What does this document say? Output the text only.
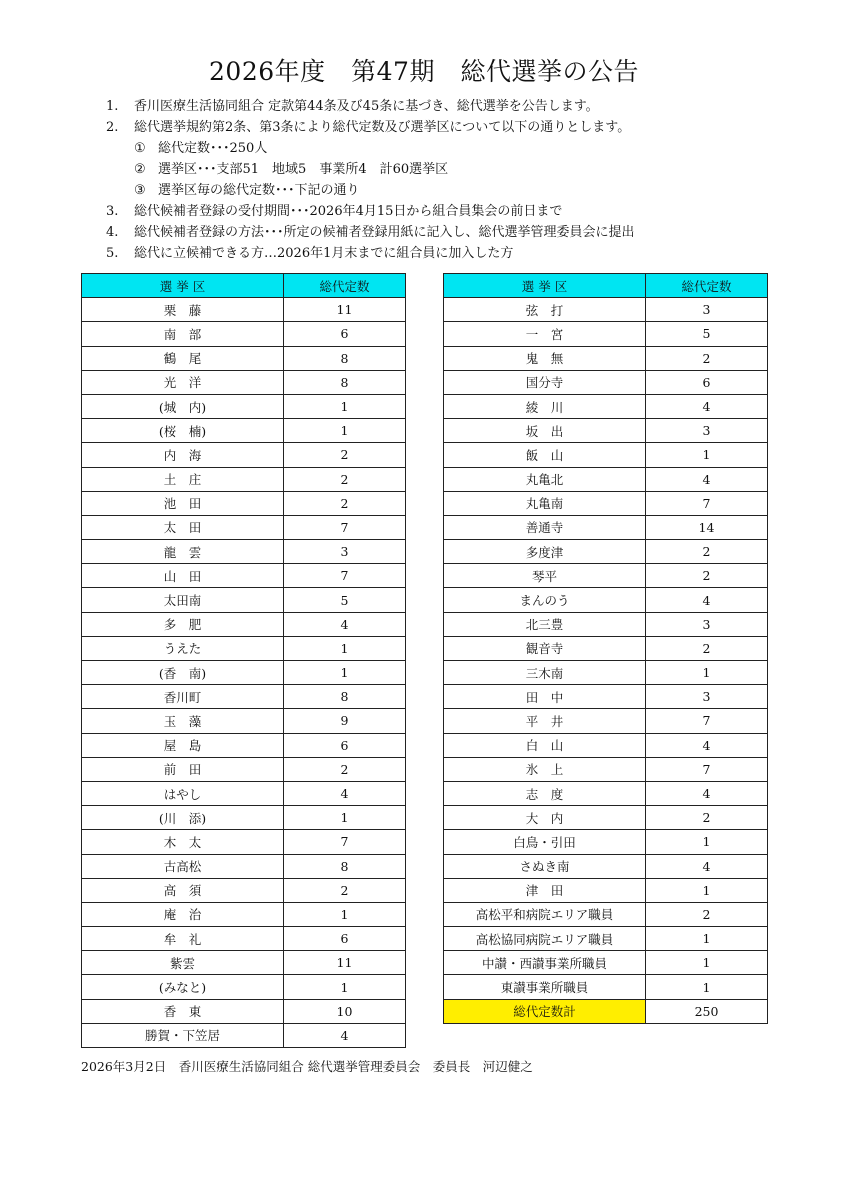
2026年度　第47期　総代選挙の公告
1. 香川医療生活協同組合 定款第44条及び45条に基づき、総代選挙を公告します。
2. 総代選挙規約第2条、第3条により総代定数及び選挙区について以下の通りとします。
① 総代定数･･･250人
② 選挙区･･･支部51　地域5　事業所4　計60選挙区
③ 選挙区毎の総代定数･･･下記の通り
3. 総代候補者登録の受付期間･･･2026年4月15日から組合員集会の前日まで
4. 総代候補者登録の方法･･･所定の候補者登録用紙に記入し、総代選挙管理委員会に提出
5. 総代に立候補できる方…2026年1月末までに組合員に加入した方
選 挙 区	総代定数
栗　藤	11
南　部	6
鶴　尾	8
光　洋	8
(城　内)	1
(桜　楠)	1
内　海	2
土　庄	2
池　田	2
太　田	7
龍　雲	3
山　田	7
太田南	5
多　肥	4
うえた	1
(香　南)	1
香川町	8
玉　藻	9
屋　島	6
前　田	2
はやし	4
(川　添)	1
木　太	7
古高松	8
高　須	2
庵　治	1
牟　礼	6
紫雲	11
(みなと)	1
香　東	10
勝賀・下笠居	4
選 挙 区	総代定数
弦　打	3
一　宮	5
鬼　無	2
国分寺	6
綾　川	4
坂　出	3
飯　山	1
丸亀北	4
丸亀南	7
善通寺	14
多度津	2
琴平	2
まんのう	4
北三豊	3
観音寺	2
三木南	1
田　中	3
平　井	7
白　山	4
氷　上	7
志　度	4
大　内	2
白鳥・引田	1
さぬき南	4
津　田	1
高松平和病院エリア職員	2
高松協同病院エリア職員	1
中讃・西讃事業所職員	1
東讃事業所職員	1
総代定数計	250
2026年3月2日　香川医療生活協同組合 総代選挙管理委員会　委員長　河辺健之
